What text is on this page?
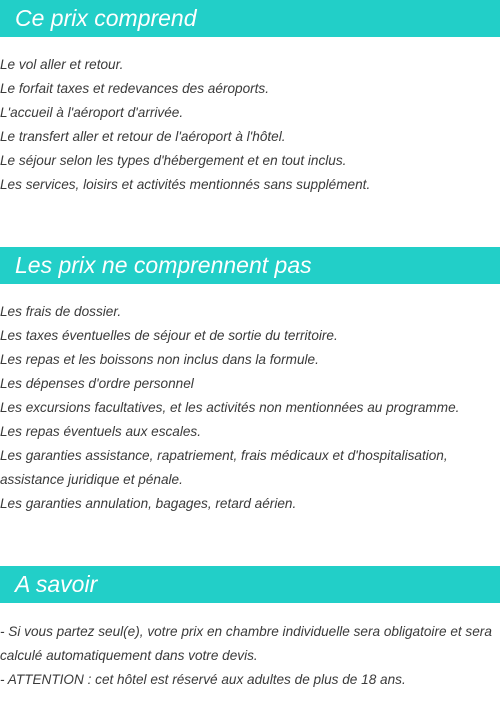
Ce prix comprend
Le vol aller et retour.
Le forfait taxes et redevances des aéroports.
L'accueil à l'aéroport d'arrivée.
Le transfert aller et retour de l'aéroport à l'hôtel.
Le séjour selon les types d'hébergement et en tout inclus.
Les services, loisirs et activités mentionnés sans supplément.
Les prix ne comprennent pas
Les frais de dossier.
Les taxes éventuelles de séjour et de sortie du territoire.
Les repas et les boissons non inclus dans la formule.
Les dépenses d'ordre personnel
Les excursions facultatives, et les activités non mentionnées au programme.
Les repas éventuels aux escales.
Les garanties assistance, rapatriement, frais médicaux et d'hospitalisation, assistance juridique et pénale.
Les garanties annulation, bagages, retard aérien.
A savoir
- Si vous partez seul(e), votre prix en chambre individuelle sera obligatoire et sera calculé automatiquement dans votre devis.
- ATTENTION : cet hôtel est réservé aux adultes de plus de 18 ans.
